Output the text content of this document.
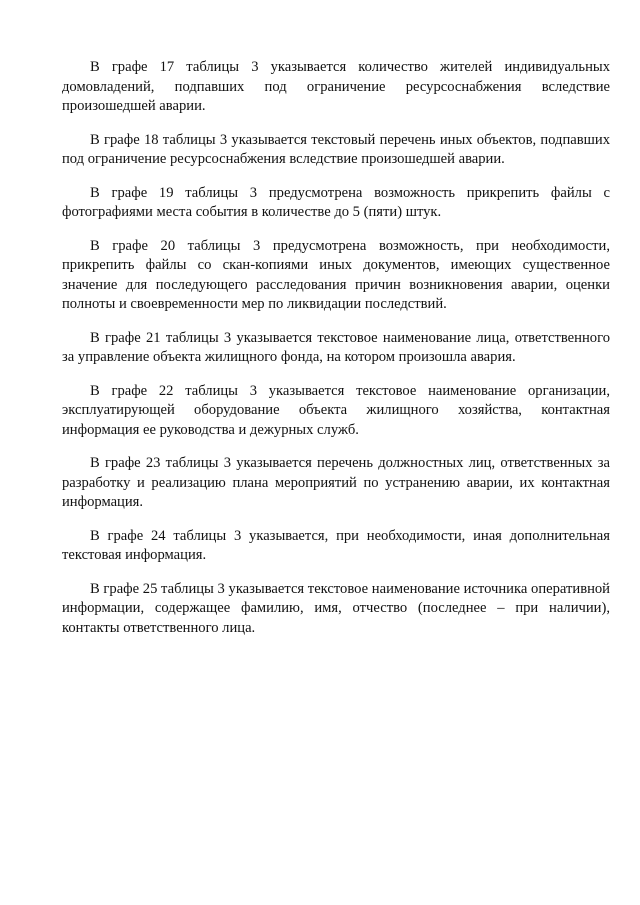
В графе 17 таблицы 3 указывается количество жителей индивидуальных домовладений, подпавших под ограничение ресурсоснабжения вследствие произошедшей аварии.

В графе 18 таблицы 3 указывается текстовый перечень иных объектов, подпавших под ограничение ресурсоснабжения вследствие произошедшей аварии.

В графе 19 таблицы 3 предусмотрена возможность прикрепить файлы с фотографиями места события в количестве до 5 (пяти) штук.

В графе 20 таблицы 3 предусмотрена возможность, при необходимости, прикрепить файлы со скан-копиями иных документов, имеющих существенное значение для последующего расследования причин возникновения аварии, оценки полноты и своевременности мер по ликвидации последствий.

В графе 21 таблицы 3 указывается текстовое наименование лица, ответственного за управление объекта жилищного фонда, на котором произошла авария.

В графе 22 таблицы 3 указывается текстовое наименование организации, эксплуатирующей оборудование объекта жилищного хозяйства, контактная информация ее руководства и дежурных служб.

В графе 23 таблицы 3 указывается перечень должностных лиц, ответственных за разработку и реализацию плана мероприятий по устранению аварии, их контактная информация.

В графе 24 таблицы 3 указывается, при необходимости, иная дополнительная текстовая информация.

В графе 25 таблицы 3 указывается текстовое наименование источника оперативной информации, содержащее фамилию, имя, отчество (последнее – при наличии), контакты ответственного лица.
